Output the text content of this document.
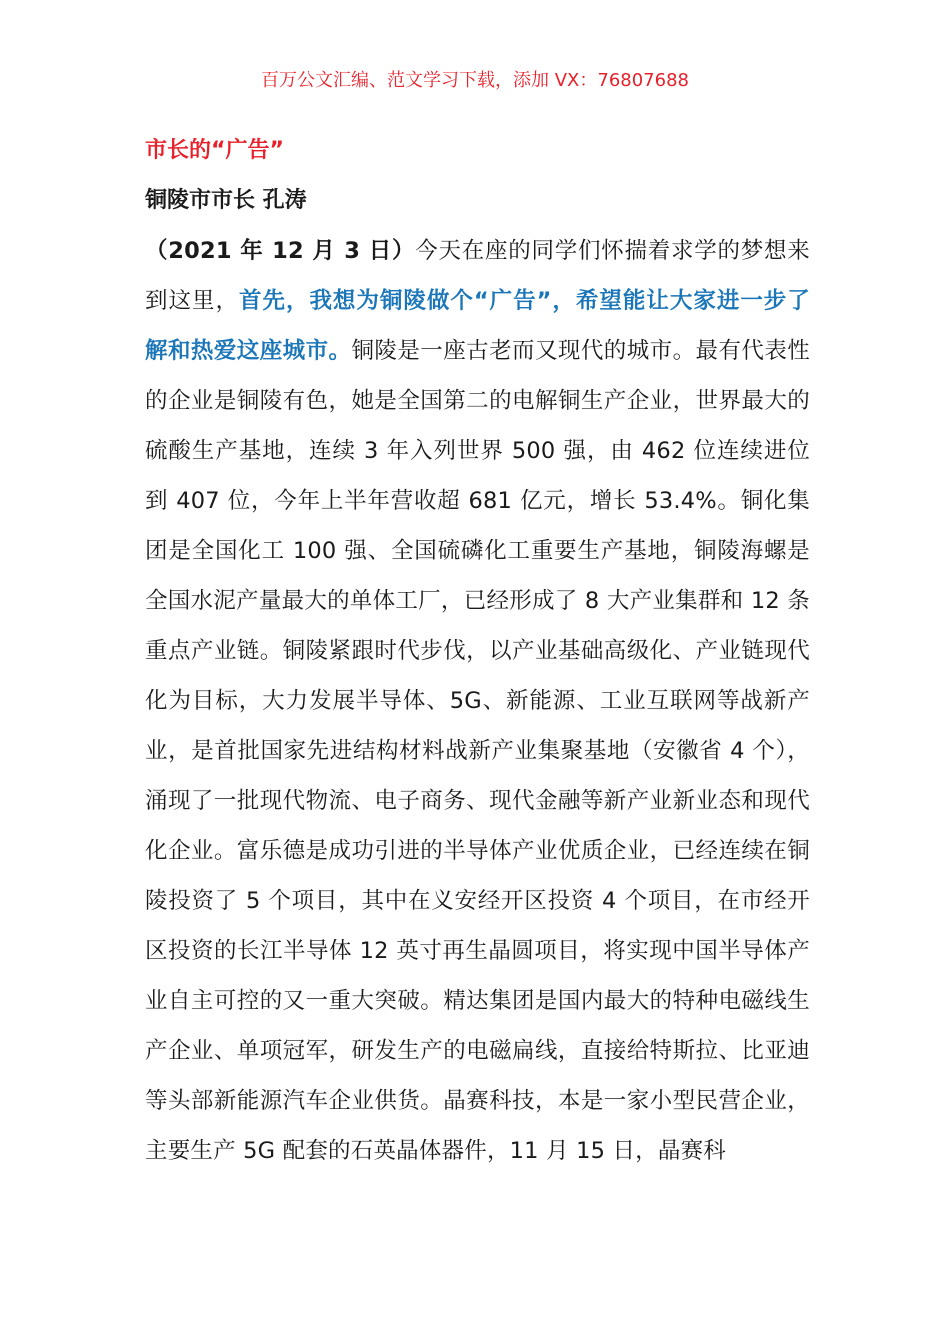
百万公文汇编、范文学习下载，添加 VX：76807688
市长的“广告”
铜陵市市长 孔涛

（2021 年 12 月 3 日）今天在座的同学们怀揣着求学的梦想来到这里，首先，我想为铜陵做个“广告”，希望能让大家进一步了解和热爱这座城市。铜陵是一座古老而又现代的城市。最有代表性的企业是铜陵有色，她是全国第二的电解铜生产企业，世界最大的硫酸生产基地，连续 3 年入列世界 500 强，由 462 位连续进位到 407 位，今年上半年营收超 681 亿元，增长 53.4%。铜化集团是全国化工 100 强、全国硫磷化工重要生产基地，铜陵海螺是全国水泥产量最大的单体工厂，已经形成了 8 大产业集群和 12 条重点产业链。铜陵紧跟时代步伐，以产业基础高级化、产业链现代化为目标，大力发展半导体、5G、新能源、工业互联网等战新产业，是首批国家先进结构材料战新产业集聚基地（安徽省 4 个），涌现了一批现代物流、电子商务、现代金融等新产业新业态和现代化企业。富乐德是成功引进的半导体产业优质企业，已经连续在铜陵投资了 5 个项目，其中在义安经开区投资 4 个项目，在市经开区投资的长江半导体 12 英寸再生晶圆项目，将实现中国半导体产业自主可控的又一重大突破。精达集团是国内最大的特种电磁线生产企业、单项冠军，研发生产的电磁扁线，直接给特斯拉、比亚迪等头部新能源汽车企业供货。晶赛科技，本是一家小型民营企业，主要生产 5G 配套的石英晶体器件，11 月 15 日，晶赛科
